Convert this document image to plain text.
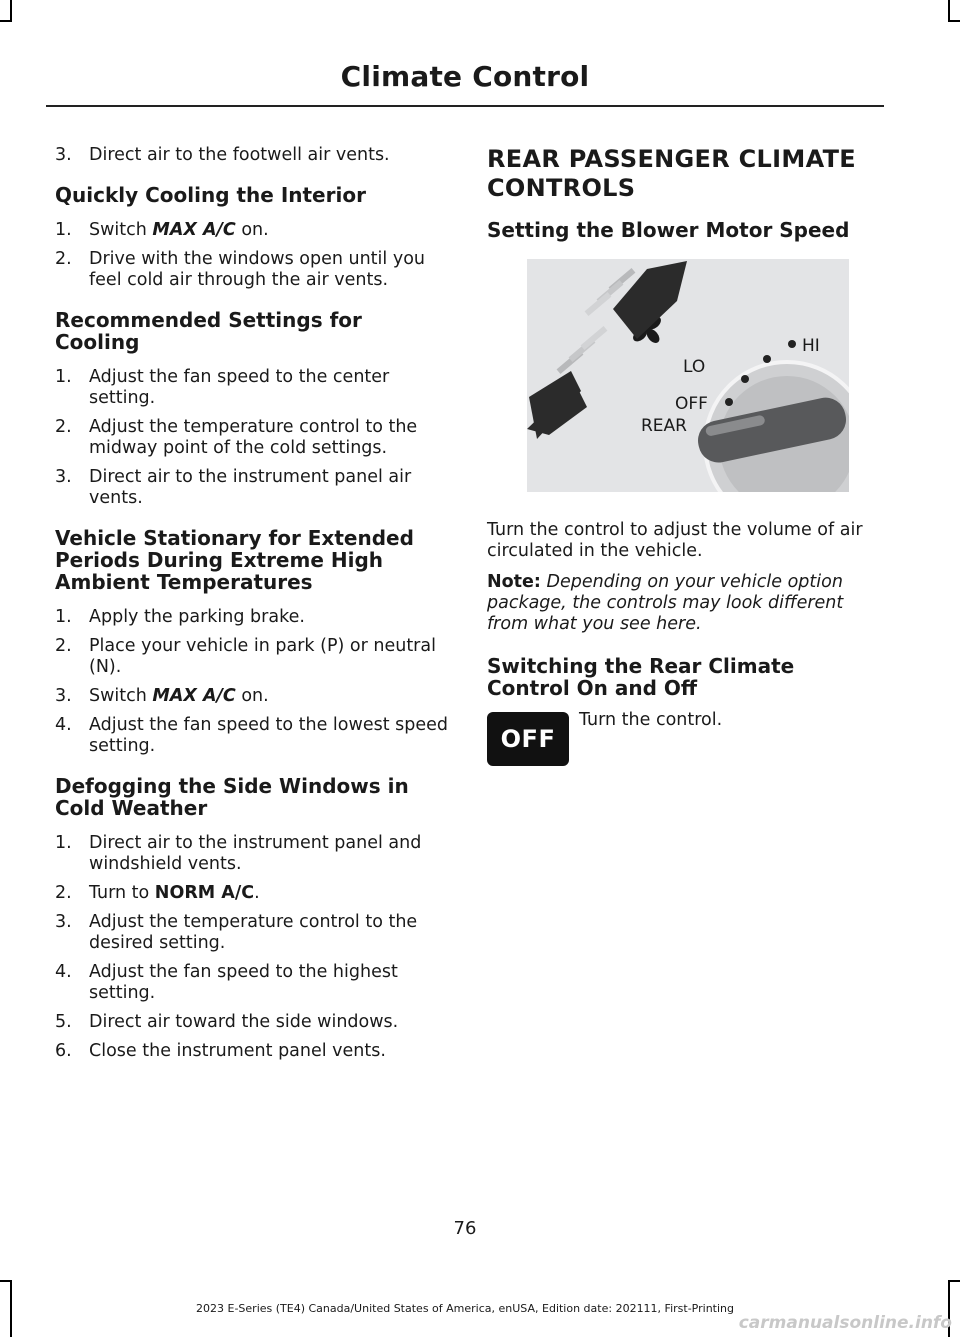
Climate Control
3. Direct air to the footwell air vents.
Quickly Cooling the Interior
1. Switch MAX A/C on.
2. Drive with the windows open until you feel cold air through the air vents.
Recommended Settings for Cooling
1. Adjust the fan speed to the center setting.
2. Adjust the temperature control to the midway point of the cold settings.
3. Direct air to the instrument panel air vents.
Vehicle Stationary for Extended Periods During Extreme High Ambient Temperatures
1. Apply the parking brake.
2. Place your vehicle in park (P) or neutral (N).
3. Switch MAX A/C on.
4. Adjust the fan speed to the lowest speed setting.
Defogging the Side Windows in Cold Weather
1. Direct air to the instrument panel and windshield vents.
2. Turn to NORM A/C.
3. Adjust the temperature control to the desired setting.
4. Adjust the fan speed to the highest setting.
5. Direct air toward the side windows.
6. Close the instrument panel vents.
REAR PASSENGER CLIMATE CONTROLS
Setting the Blower Motor Speed
HI
LO
OFF
REAR
Turn the control to adjust the volume of air circulated in the vehicle.
Note: Depending on your vehicle option package, the controls may look different from what you see here.
Switching the Rear Climate Control On and Off
OFF
Turn the control.
76
2023 E-Series (TE4) Canada/United States of America, enUSA, Edition date: 202111, First-Printing
carmanualsonline.info
